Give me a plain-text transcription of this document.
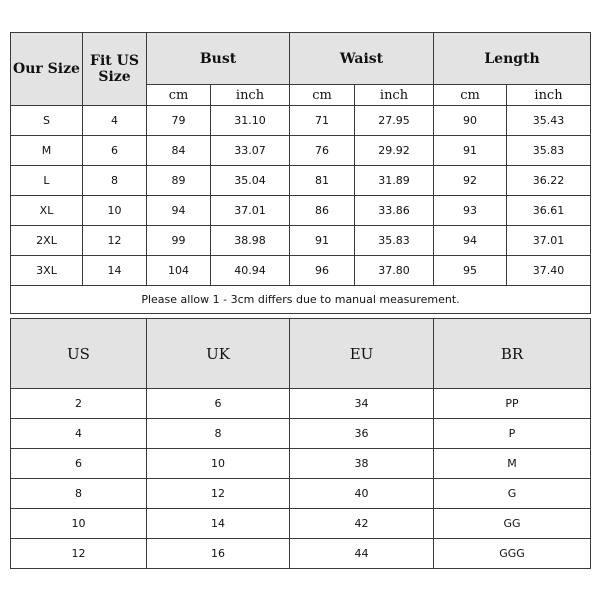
Our Size	Fit US Size	Bust		Waist		Length	
		cm	inch	cm	inch	cm	inch
S	4	79	31.10	71	27.95	90	35.43
M	6	84	33.07	76	29.92	91	35.83
L	8	89	35.04	81	31.89	92	36.22
XL	10	94	37.01	86	33.86	93	36.61
2XL	12	99	38.98	91	35.83	94	37.01
3XL	14	104	40.94	96	37.80	95	37.40
Please allow 1 - 3cm differs due to manual measurement.							
US	UK	EU	BR
2	6	34	PP
4	8	36	P
6	10	38	M
8	12	40	G
10	14	42	GG
12	16	44	GGG
